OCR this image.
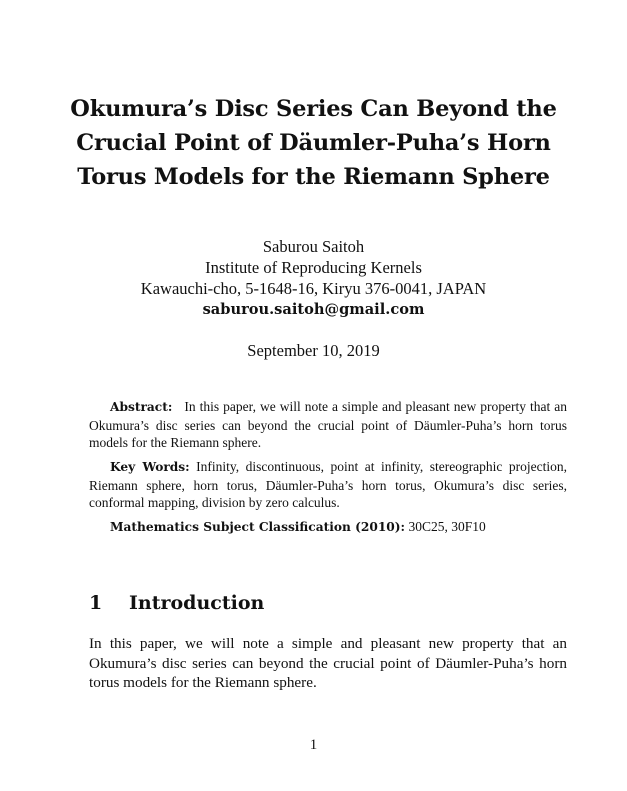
Okumura’s Disc Series Can Beyond the Crucial Point of Däumler-Puha’s Horn Torus Models for the Riemann Sphere
Saburou Saitoh
Institute of Reproducing Kernels
Kawauchi-cho, 5-1648-16, Kiryu 376-0041, JAPAN
saburou.saitoh@gmail.com
September 10, 2019

Abstract: In this paper, we will note a simple and pleasant new property that an Okumura’s disc series can beyond the crucial point of Däumler-Puha’s horn torus models for the Riemann sphere.

Key Words: Infinity, discontinuous, point at infinity, stereographic projection, Riemann sphere, horn torus, Däumler-Puha’s horn torus, Okumura’s disc series, conformal mapping, division by zero calculus.

Mathematics Subject Classification (2010): 30C25, 30F10

1 Introduction

In this paper, we will note a simple and pleasant new property that an Okumura’s disc series can beyond the crucial point of Däumler-Puha’s horn torus models for the Riemann sphere.

1
